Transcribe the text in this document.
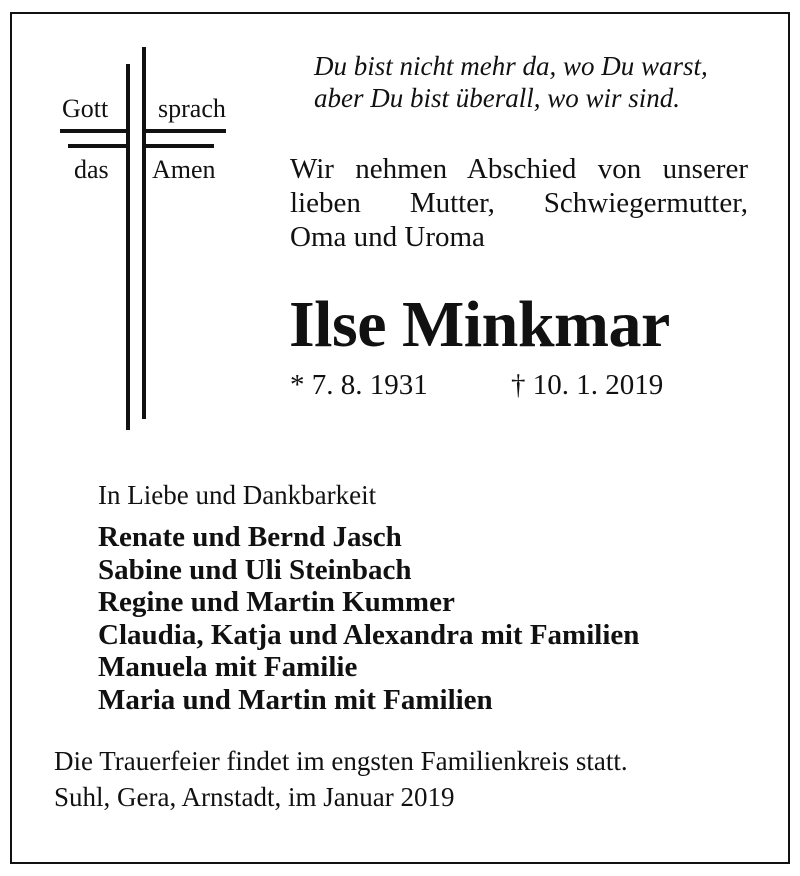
Gott sprach
das Amen
Du bist nicht mehr da, wo Du warst,
aber Du bist überall, wo wir sind.
Wir nehmen Abschied von unserer
lieben Mutter, Schwiegermutter,
Oma und Uroma
Ilse Minkmar
* 7. 8. 1931	† 10. 1. 2019
In Liebe und Dankbarkeit
Renate und Bernd Jasch
Sabine und Uli Steinbach
Regine und Martin Kummer
Claudia, Katja und Alexandra mit Familien
Manuela mit Familie
Maria und Martin mit Familien
Die Trauerfeier findet im engsten Familienkreis statt.
Suhl, Gera, Arnstadt, im Januar 2019
